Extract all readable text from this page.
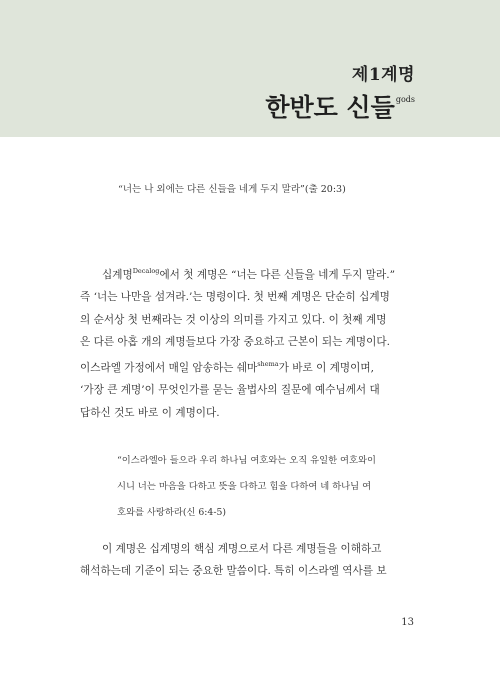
제1계명
한반도 신들$^{gods}$
“너는 나 외에는 다른 신들을 네게 두지 말라”(출 20:3)
십계명$^{Decalog}$에서 첫 계명은 “너는 다른 신들을 네게 두지 말라.”
즉 ‘너는 나만을 섬겨라.’는 명령이다. 첫 번째 계명은 단순히 십계명
의 순서상 첫 번째라는 것 이상의 의미를 가지고 있다. 이 첫째 계명
은 다른 아홉 개의 계명들보다 가장 중요하고 근본이 되는 계명이다.
이스라엘 가정에서 매일 암송하는 쉐마$^{shema}$가 바로 이 계명이며,
‘가장 큰 계명’이 무엇인가를 묻는 율법사의 질문에 예수님께서 대
답하신 것도 바로 이 계명이다.
“이스라엘아 들으라 우리 하나님 여호와는 오직 유일한 여호와이
시니 너는 마음을 다하고 뜻을 다하고 힘을 다하여 네 하나님 여
호와를 사랑하라(신 6:4-5)
이 계명은 십계명의 핵심 계명으로서 다른 계명들을 이해하고
해석하는데 기준이 되는 중요한 말씀이다. 특히 이스라엘 역사를 보
13
